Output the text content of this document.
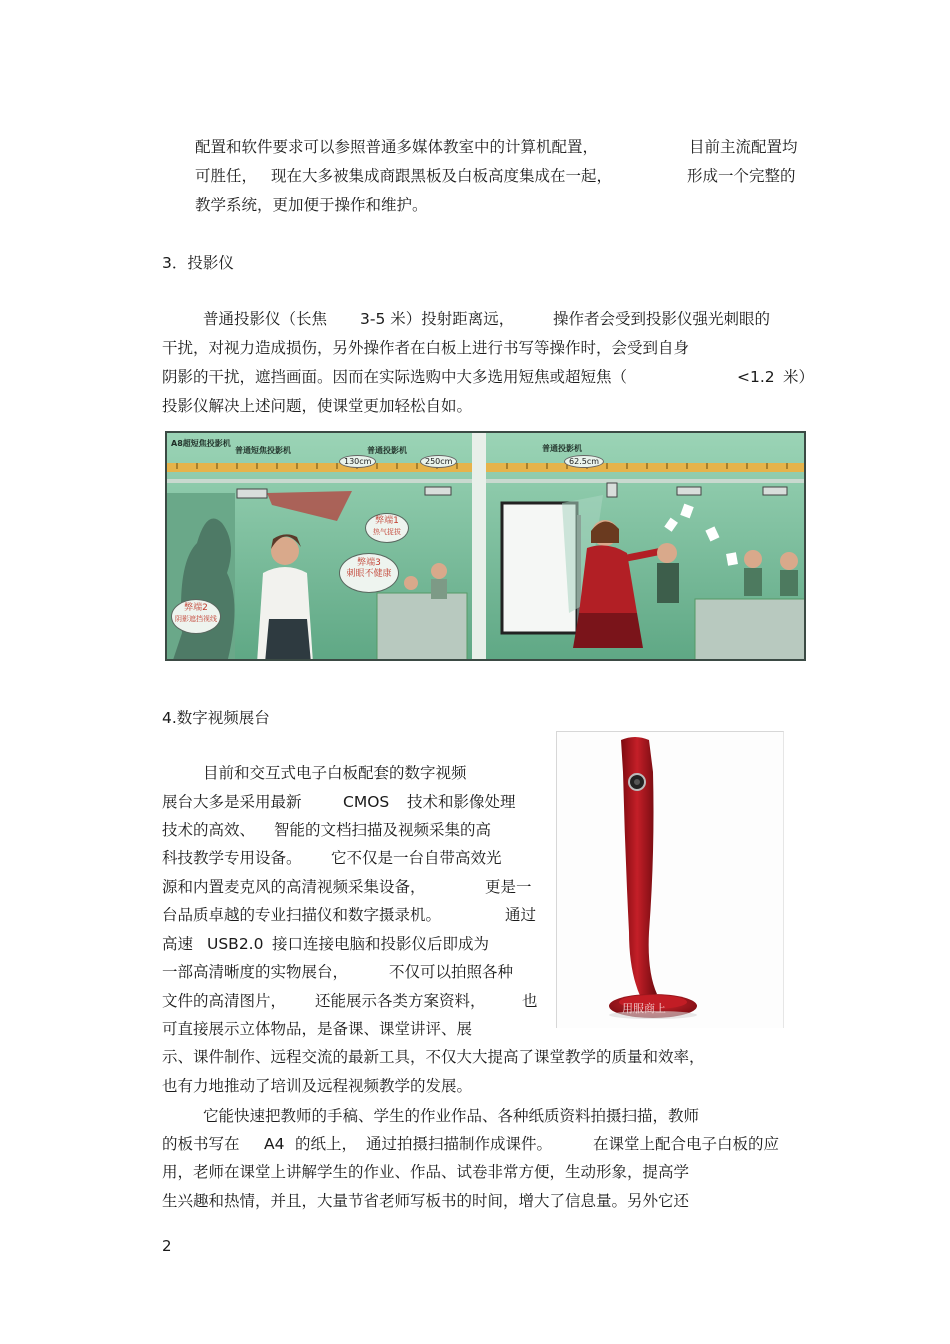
配置和软件要求可以参照普通多媒体教室中的计算机配置，	目前主流配置均
可胜任， 现在大多被集成商跟黑板及白板高度集成在一起，	形成一个完整的
教学系统，更加便于操作和维护。
3．投影仪
普通投影仪（长焦 3-5 米）投射距离远，	操作者会受到投影仪强光刺眼的
干扰，对视力造成损伤，另外操作者在白板上进行书写等操作时，会受到自身
阴影的干扰，遮挡画面。因而在实际选购中大多选用短焦或超短焦（	<1.2 米）
投影仪解决上述问题，使课堂更加轻松自如。
A8超短焦投影机
普通短焦投影机	普通投影机	普通投影机
130cm	250cm	62.5cm
弊端1
热气捉拔
弊端2
阴影遮挡视线
弊端3
刺眼不健康
4.数字视频展台
目前和交互式电子白板配套的数字视频
展台大多是采用最新	CMOS 技术和影像处理
技术的高效、 智能的文档扫描及视频采集的高
科技教学专用设备。 它不仅是一台自带高效光
源和内置麦克风的高清视频采集设备，	更是一
台品质卓越的专业扫描仪和数字摄录机。	通过
高速 USB2.0 接口连接电脑和投影仪后即成为
一部高清晰度的实物展台，	不仅可以拍照各种
文件的高清图片， 还能展示各类方案资料， 也
可直接展示立体物品，是备课、课堂讲评、展
示、课件制作、远程交流的最新工具，不仅大大提高了课堂教学的质量和效率，
也有力地推动了培训及远程视频教学的发展。
用服商上
它能快速把教师的手稿、学生的作业作品、各种纸质资料拍摄扫描，教师
的板书写在 A4 的纸上， 通过拍摄扫描制作成课件。	在课堂上配合电子白板的应
用，老师在课堂上讲解学生的作业、作品、试卷非常方便，生动形象，提高学
生兴趣和热情，并且，大量节省老师写板书的时间，增大了信息量。另外它还
2
